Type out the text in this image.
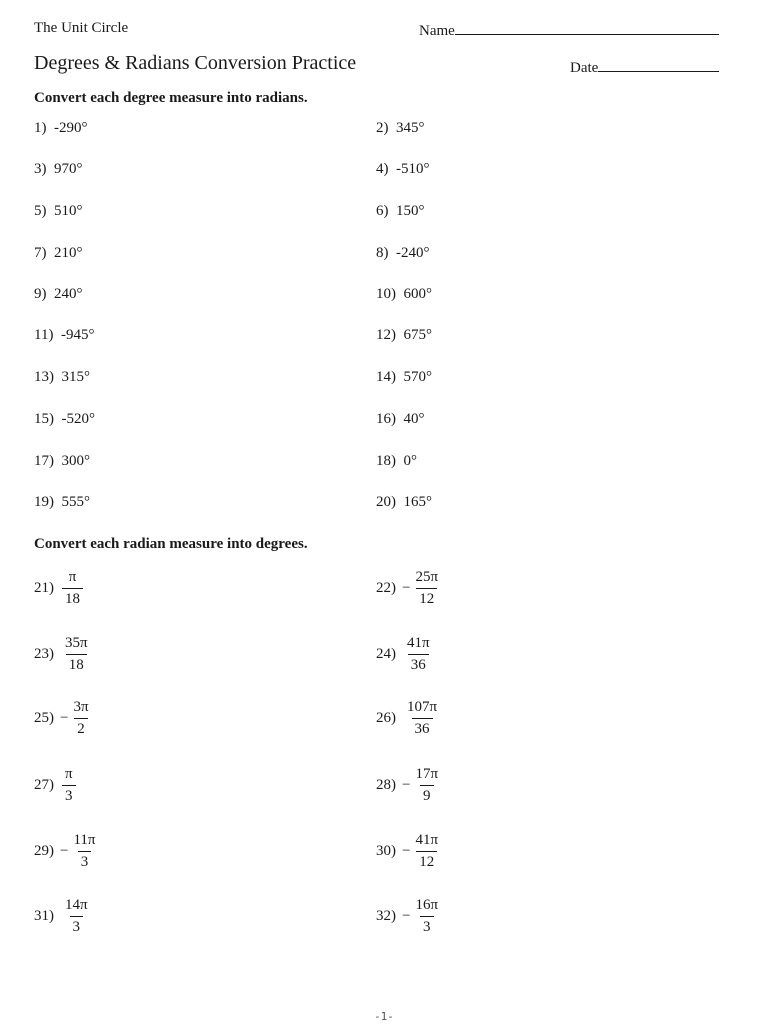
The Unit Circle	Name
Degrees & Radians Conversion Practice	Date
Convert each degree measure into radians.
1) -290°	2) 345°
3) 970°	4) -510°
5) 510°	6) 150°
7) 210°	8) -240°
9) 240°	10) 600°
11) -945°	12) 675°
13) 315°	14) 570°
15) -520°	16) 40°
17) 300°	18) 0°
19) 555°	20) 165°
Convert each radian measure into degrees.
$21) \frac{\pi}{18}$	$22) - \frac{25\pi}{12}$
$23) \frac{35\pi}{18}$	$24) \frac{41\pi}{36}$
$25) - \frac{3\pi}{2}$	$26) \frac{107\pi}{36}$
$27) \frac{\pi}{3}$	$28) - \frac{17\pi}{9}$
$29) - \frac{11\pi}{3}$	$30) - \frac{41\pi}{12}$
$31) \frac{14\pi}{3}$	$32) - \frac{16\pi}{3}$
-1-
